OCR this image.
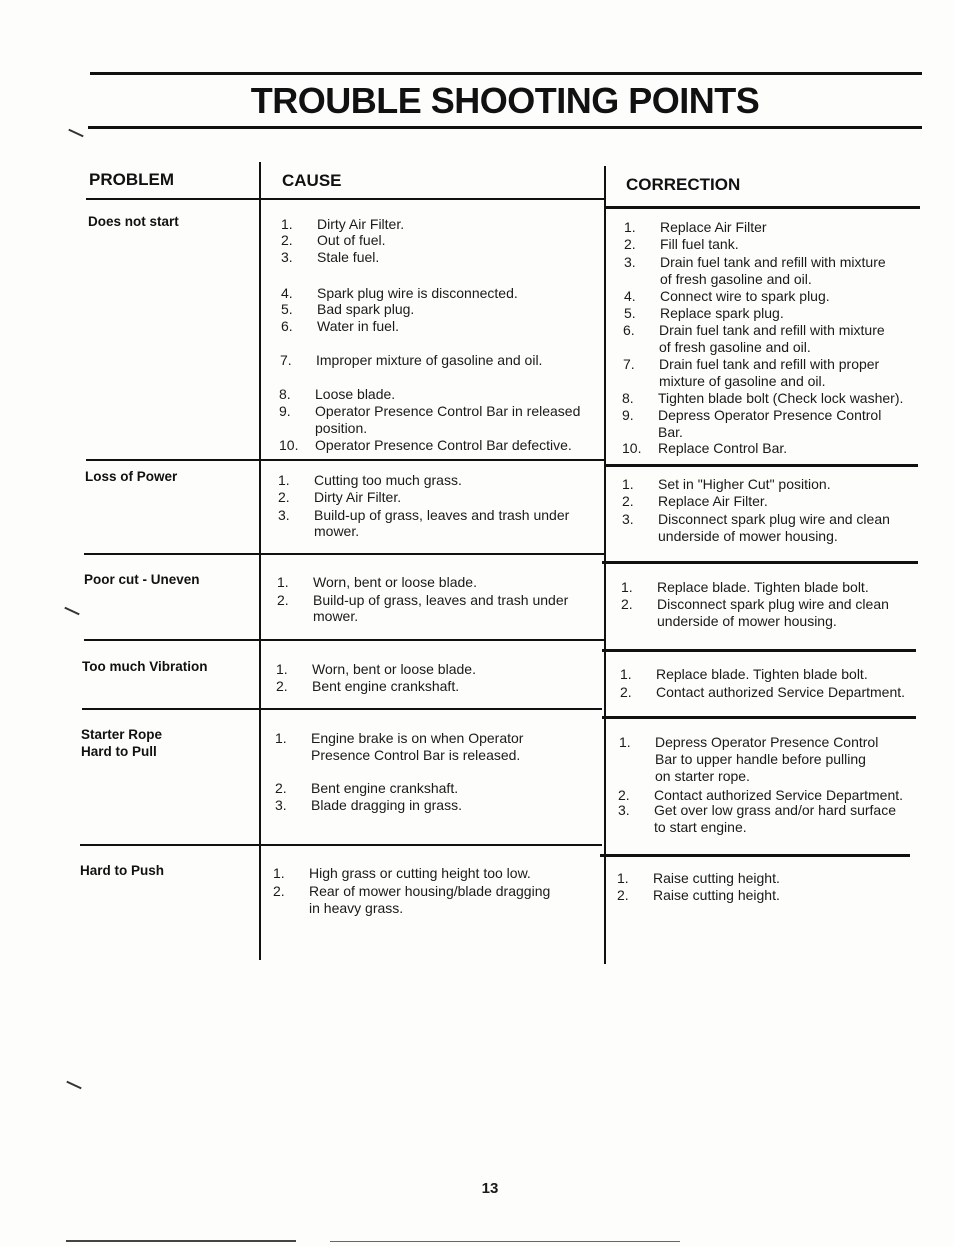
TROUBLE SHOOTING POINTS
PROBLEM	CAUSE	CORRECTION
Does not start
Loss of Power
Poor cut - Uneven
Too much Vibration
Starter Rope
Hard to Pull
Hard to Push
1. Dirty Air Filter.
2. Out of fuel.
3. Stale fuel.
4. Spark plug wire is disconnected.
5. Bad spark plug.
6. Water in fuel.
7. Improper mixture of gasoline and oil.
8. Loose blade.
9. Operator Presence Control Bar in released
position.
10. Operator Presence Control Bar defective.
1. Replace Air Filter
2. Fill fuel tank.
3. Drain fuel tank and refill with mixture
of fresh gasoline and oil.
4. Connect wire to spark plug.
5. Replace spark plug.
6. Drain fuel tank and refill with mixture
of fresh gasoline and oil.
7. Drain fuel tank and refill with proper
mixture of gasoline and oil.
8. Tighten blade bolt (Check lock washer).
9. Depress Operator Presence Control
Bar.
10. Replace Control Bar.
1. Cutting too much grass.
2. Dirty Air Filter.
3. Build-up of grass, leaves and trash under
mower.
1. Set in "Higher Cut" position.
2. Replace Air Filter.
3. Disconnect spark plug wire and clean
underside of mower housing.
1. Worn, bent or loose blade.
2. Build-up of grass, leaves and trash under
mower.
1. Replace blade. Tighten blade bolt.
2. Disconnect spark plug wire and clean
underside of mower housing.
1. Worn, bent or loose blade.
2. Bent engine crankshaft.
1. Replace blade. Tighten blade bolt.
2. Contact authorized Service Department.
1. Engine brake is on when Operator
Presence Control Bar is released.
2. Bent engine crankshaft.
3. Blade dragging in grass.
1. Depress Operator Presence Control
Bar to upper handle before pulling
on starter rope.
2. Contact authorized Service Department.
3. Get over low grass and/or hard surface
to start engine.
1. High grass or cutting height too low.
2. Rear of mower housing/blade dragging
in heavy grass.
1. Raise cutting height.
2. Raise cutting height.
13
